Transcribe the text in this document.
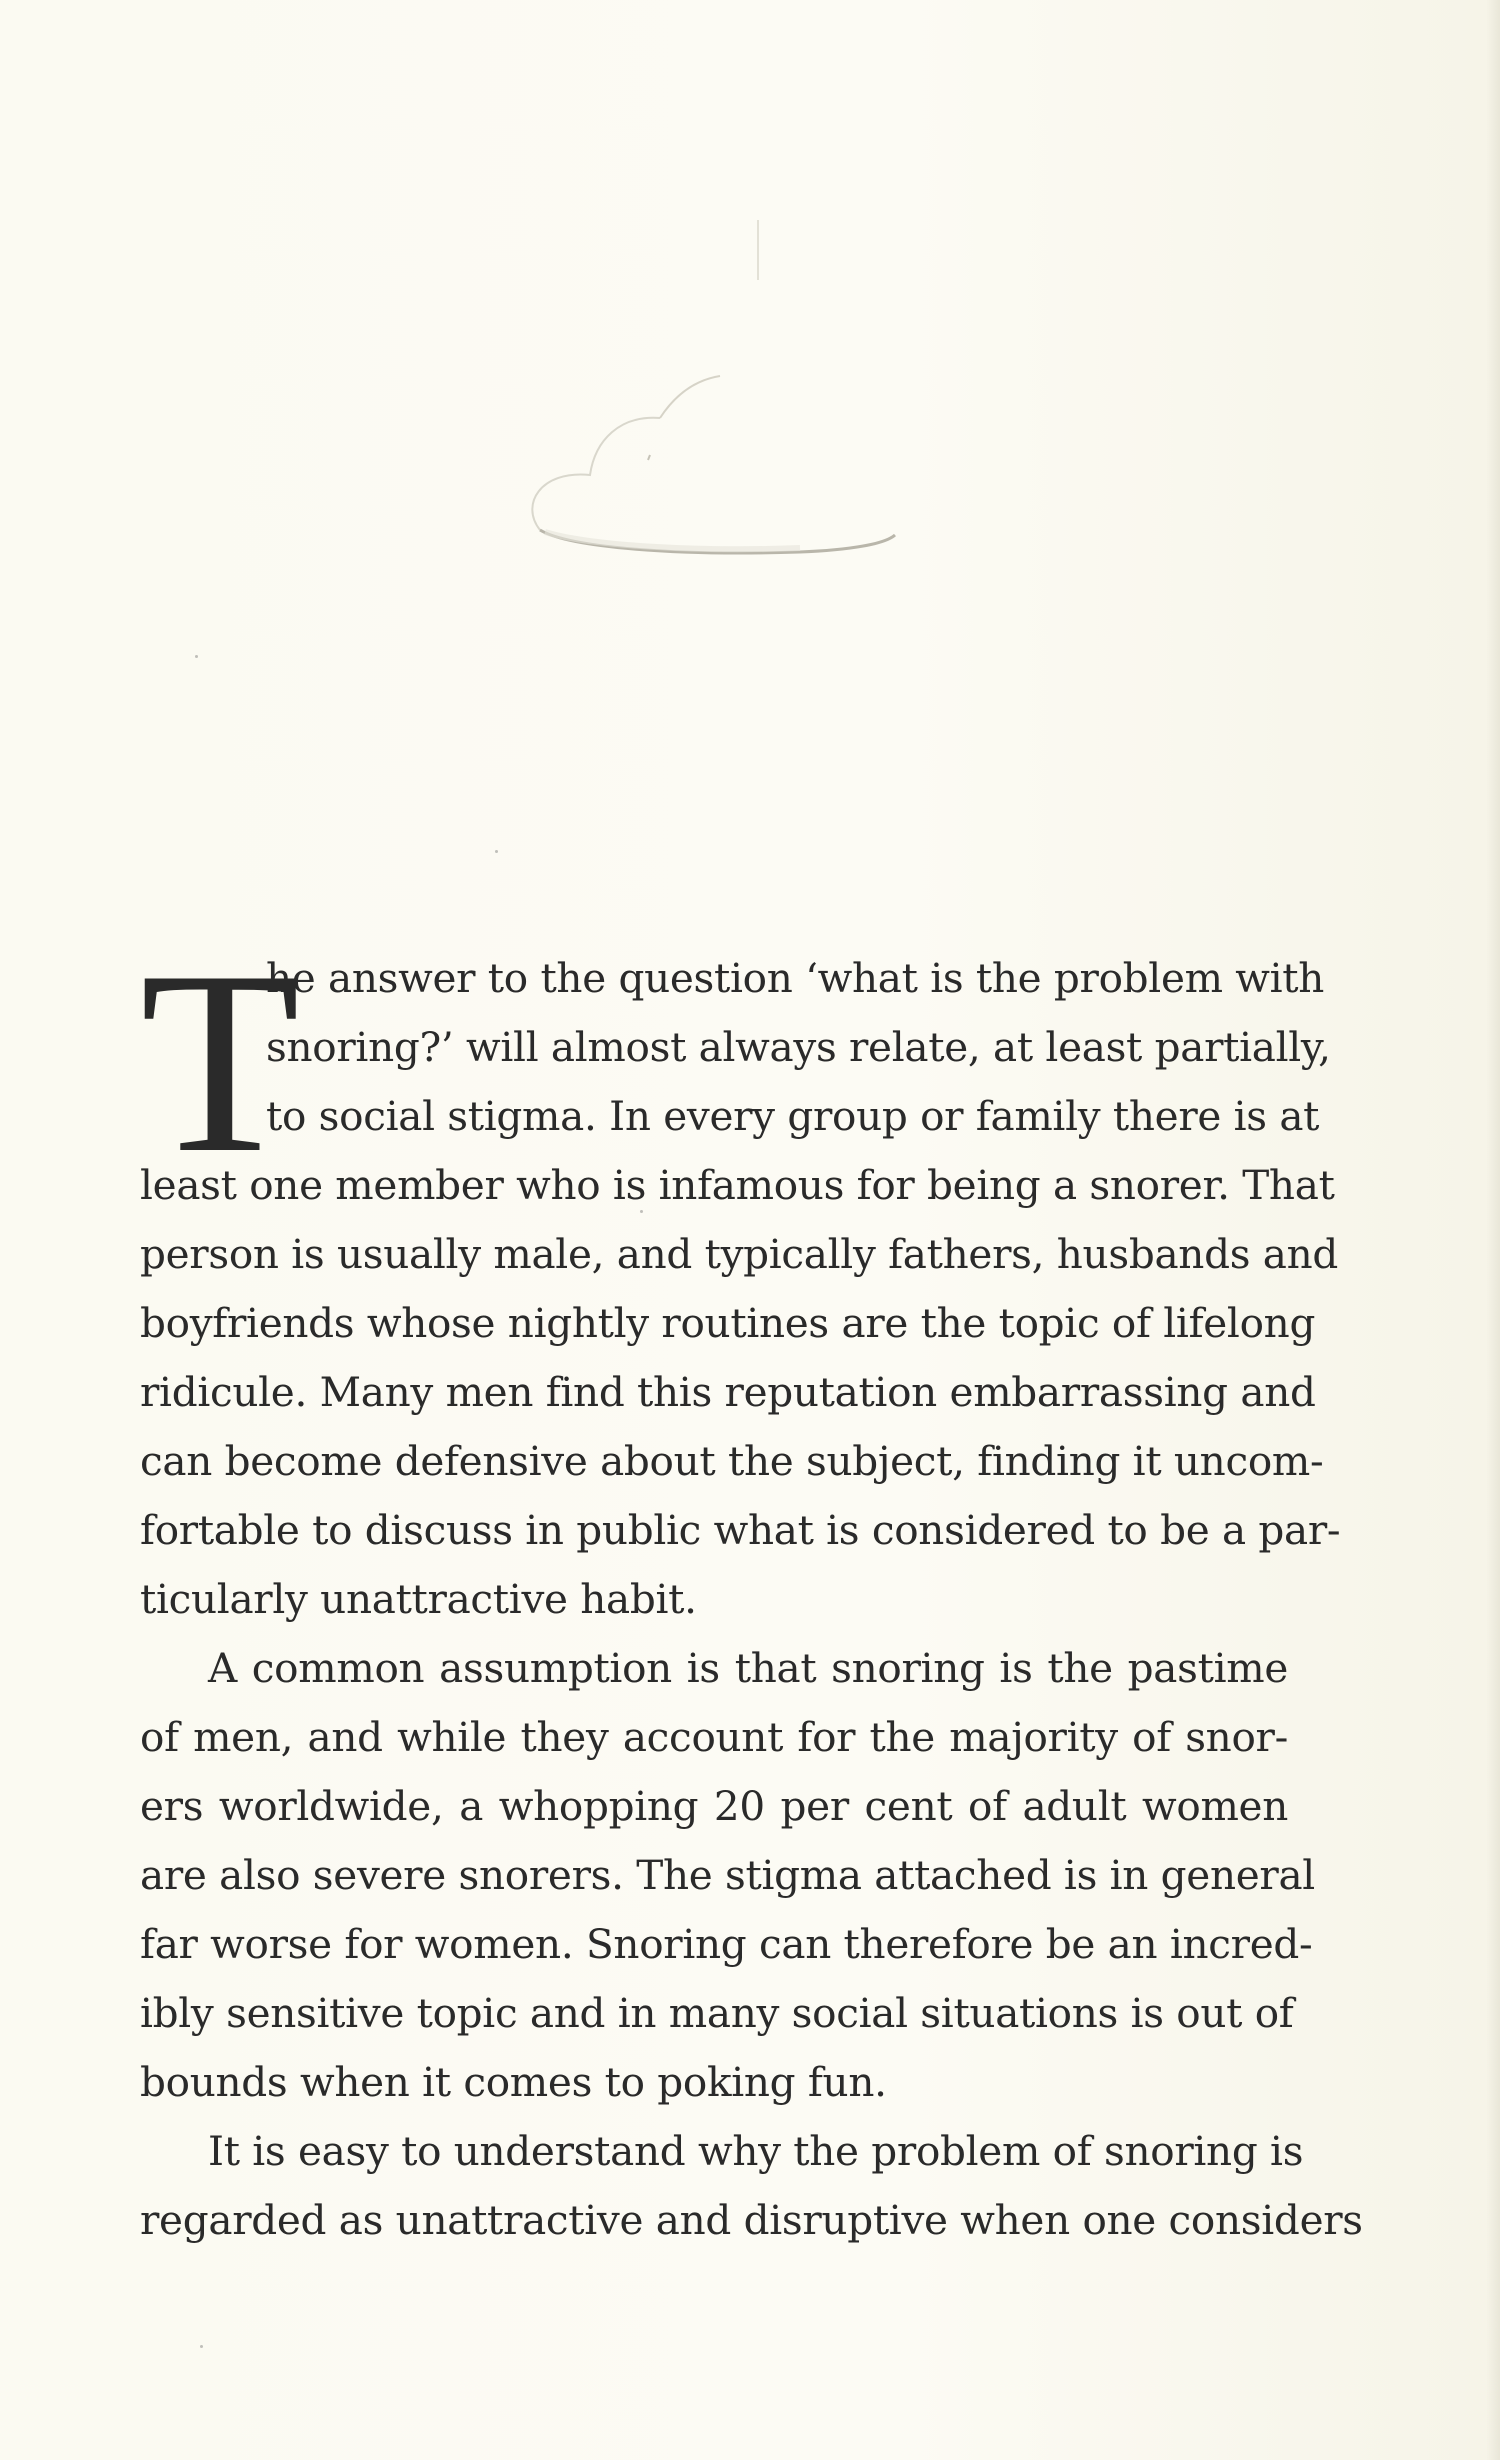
T
he answer to the question ‘what is the problem with
snoring?’ will almost always relate, at least partially,
to social stigma. In every group or family there is at
least one member who is infamous for being a snorer. That
person is usually male, and typically fathers, husbands and
boyfriends whose nightly routines are the topic of lifelong
ridicule. Many men find this reputation embarrassing and
can become defensive about the subject, finding it uncom-
fortable to discuss in public what is considered to be a par-
ticularly unattractive habit.
A common assumption is that snoring is the pastime
of men, and while they account for the majority of snor-
ers worldwide, a whopping 20 per cent of adult women
are also severe snorers. The stigma attached is in general
far worse for women. Snoring can therefore be an incred-
ibly sensitive topic and in many social situations is out of
bounds when it comes to poking fun.
It is easy to understand why the problem of snoring is
regarded as unattractive and disruptive when one considers
